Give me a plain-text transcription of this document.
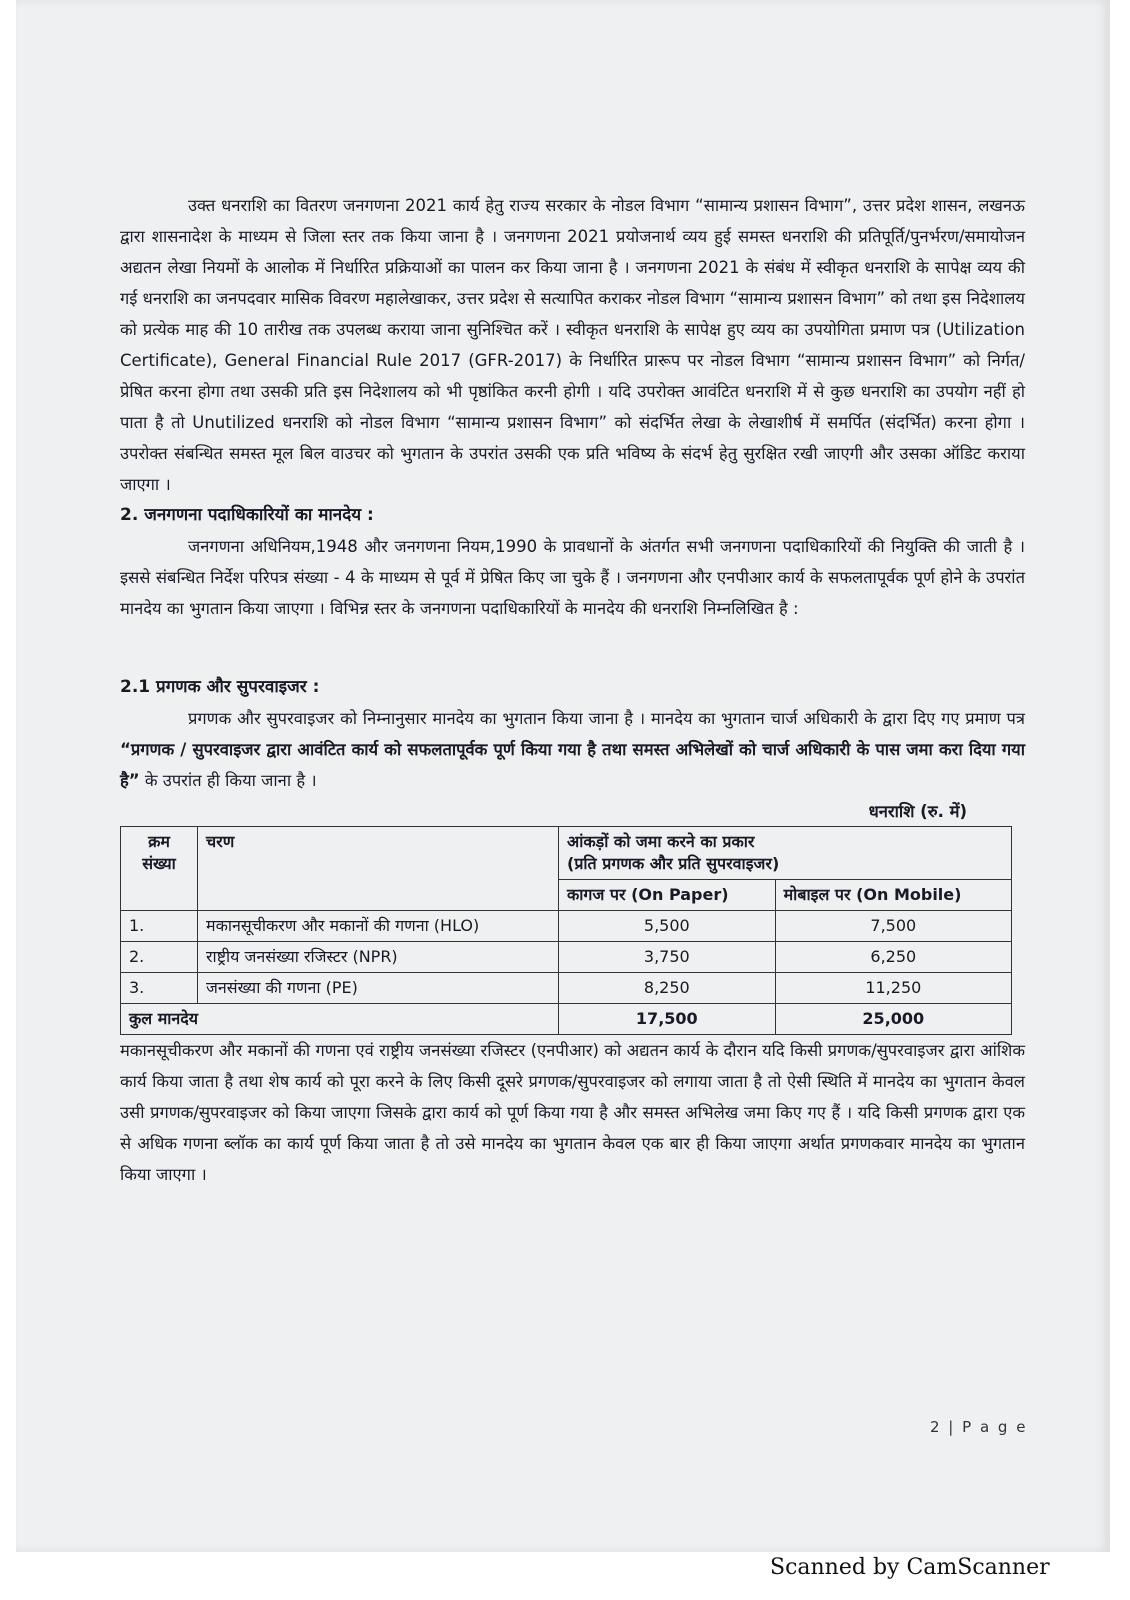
उक्त धनराशि का वितरण जनगणना 2021 कार्य हेतु राज्य सरकार के नोडल विभाग “सामान्य प्रशासन विभाग”, उत्तर प्रदेश शासन, लखनऊ द्वारा शासनादेश के माध्यम से जिला स्तर तक किया जाना है । जनगणना 2021 प्रयोजनार्थ व्यय हुई समस्त धनराशि की प्रतिपूर्ति/पुनर्भरण/समायोजन अद्यतन लेखा नियमों के आलोक में निर्धारित प्रक्रियाओं का पालन कर किया जाना है । जनगणना 2021 के संबंध में स्वीकृत धनराशि के सापेक्ष व्यय की गई धनराशि का जनपदवार मासिक विवरण महालेखाकर, उत्तर प्रदेश से सत्यापित कराकर नोडल विभाग “सामान्य प्रशासन विभाग” को तथा इस निदेशालय को प्रत्येक माह की 10 तारीख तक उपलब्ध कराया जाना सुनिश्चित करें । स्वीकृत धनराशि के सापेक्ष हुए व्यय का उपयोगिता प्रमाण पत्र (Utilization Certificate), General Financial Rule 2017 (GFR-2017) के निर्धारित प्रारूप पर नोडल विभाग “सामान्य प्रशासन विभाग” को निर्गत/प्रेषित करना होगा तथा उसकी प्रति इस निदेशालय को भी पृष्ठांकित करनी होगी । यदि उपरोक्त आवंटित धनराशि में से कुछ धनराशि का उपयोग नहीं हो पाता है तो Unutilized धनराशि को नोडल विभाग “सामान्य प्रशासन विभाग” को संदर्भित लेखा के लेखाशीर्ष में समर्पित (संदर्भित) करना होगा । उपरोक्त संबन्धित समस्त मूल बिल वाउचर को भुगतान के उपरांत उसकी एक प्रति भविष्य के संदर्भ हेतु सुरक्षित रखी जाएगी और उसका ऑडिट कराया जाएगा ।

2. जनगणना पदाधिकारियों का मानदेय :

जनगणना अधिनियम,1948 और जनगणना नियम,1990 के प्रावधानों के अंतर्गत सभी जनगणना पदाधिकारियों की नियुक्ति की जाती है । इससे संबन्धित निर्देश परिपत्र संख्या - 4 के माध्यम से पूर्व में प्रेषित किए जा चुके हैं । जनगणना और एनपीआर कार्य के सफलतापूर्वक पूर्ण होने के उपरांत मानदेय का भुगतान किया जाएगा । विभिन्न स्तर के जनगणना पदाधिकारियों के मानदेय की धनराशि निम्नलिखित है :

2.1 प्रगणक और सुपरवाइजर :

प्रगणक और सुपरवाइजर को निम्नानुसार मानदेय का भुगतान किया जाना है । मानदेय का भुगतान चार्ज अधिकारी के द्वारा दिए गए प्रमाण पत्र “प्रगणक / सुपरवाइजर द्वारा आवंटित कार्य को सफलतापूर्वक पूर्ण किया गया है तथा समस्त अभिलेखों को चार्ज अधिकारी के पास जमा करा दिया गया है” के उपरांत ही किया जाना है ।

धनराशि (रु. में)
क्रम संख्या	चरण	आंकड़ों को जमा करने का प्रकार
(प्रति प्रगणक और प्रति सुपरवाइजर)	

		कागज पर (On Paper)	मोबाइल पर (On Mobile)
1.	मकानसूचीकरण और मकानों की गणना (HLO)	5,500	7,500
2.	राष्ट्रीय जनसंख्या रजिस्टर (NPR)	3,750	6,250
3.	जनसंख्या की गणना (PE)	8,250	11,250
कुल मानदेय		17,500	25,000

मकानसूचीकरण और मकानों की गणना एवं राष्ट्रीय जनसंख्या रजिस्टर (एनपीआर) को अद्यतन कार्य के दौरान यदि किसी प्रगणक/सुपरवाइजर द्वारा आंशिक कार्य किया जाता है तथा शेष कार्य को पूरा करने के लिए किसी दूसरे प्रगणक/सुपरवाइजर को लगाया जाता है तो ऐसी स्थिति में मानदेय का भुगतान केवल उसी प्रगणक/सुपरवाइजर को किया जाएगा जिसके द्वारा कार्य को पूर्ण किया गया है और समस्त अभिलेख जमा किए गए हैं । यदि किसी प्रगणक द्वारा एक से अधिक गणना ब्लॉक का कार्य पूर्ण किया जाता है तो उसे मानदेय का भुगतान केवल एक बार ही किया जाएगा अर्थात प्रगणकवार मानदेय का भुगतान किया जाएगा ।

2 | P a g e
Scanned by CamScanner
